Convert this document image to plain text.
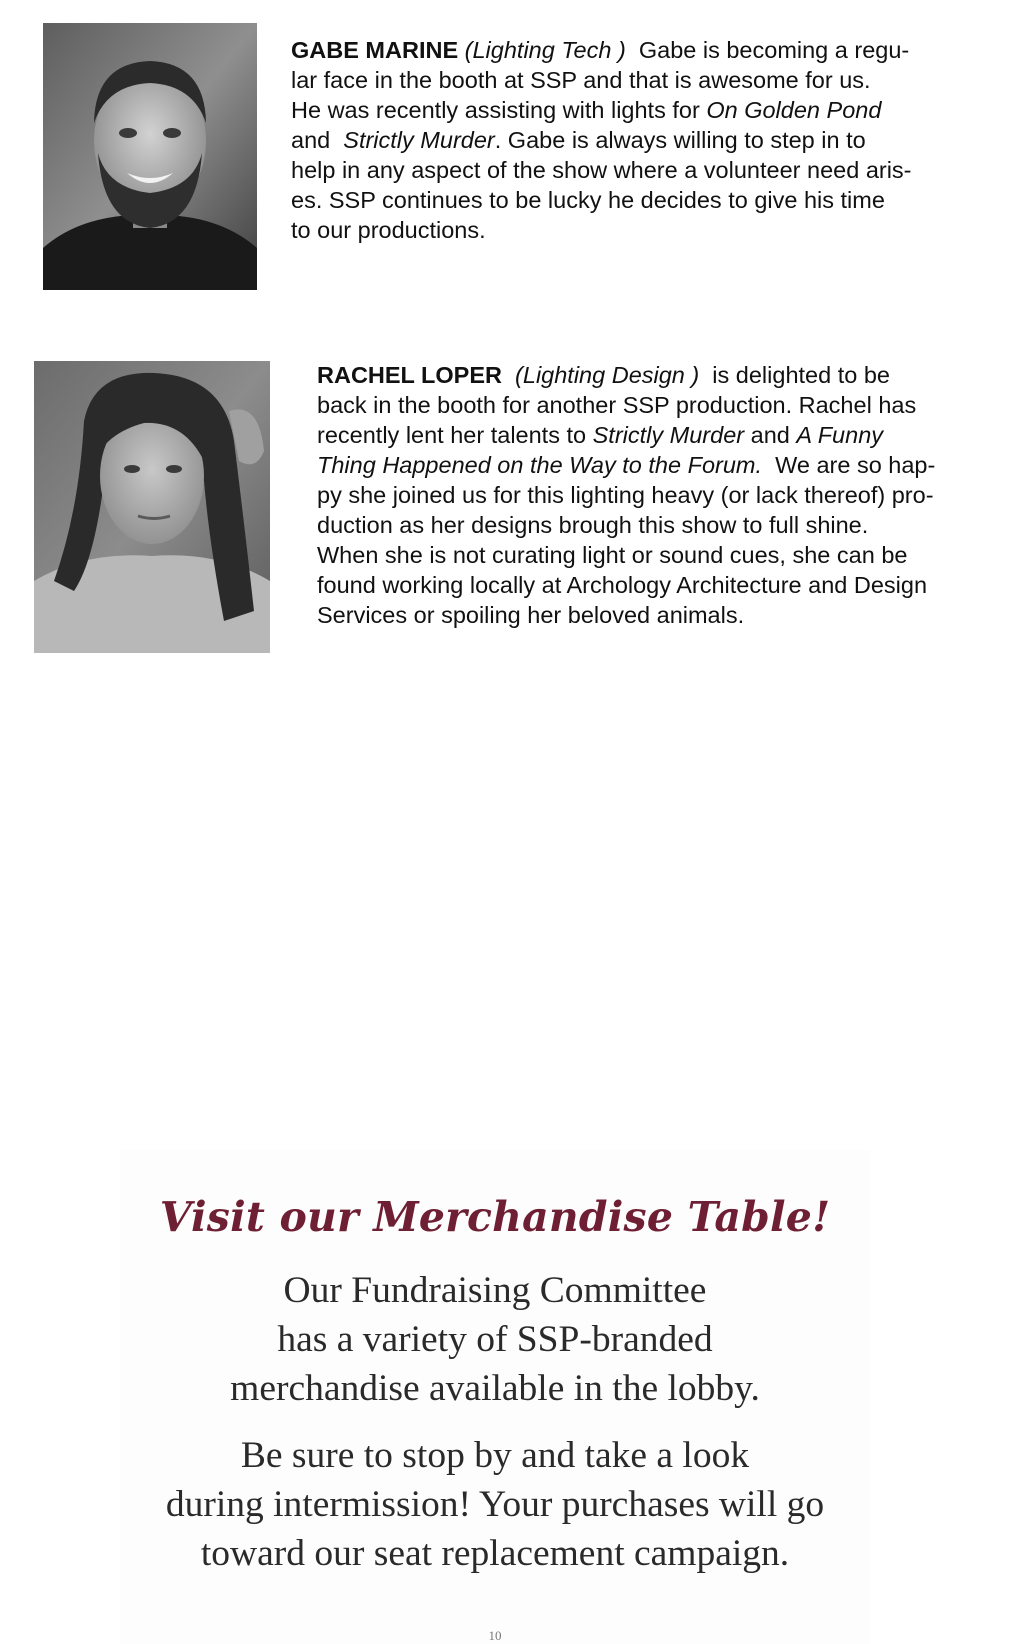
GABE MARINE (Lighting Tech ) Gabe is becoming a regu-
lar face in the booth at SSP and that is awesome for us.
He was recently assisting with lights for On Golden Pond
and Strictly Murder. Gabe is always willing to step in to
help in any aspect of the show where a volunteer need aris-
es. SSP continues to be lucky he decides to give his time
to our productions.
RACHEL LOPER (Lighting Design ) is delighted to be
back in the booth for another SSP production. Rachel has
recently lent her talents to Strictly Murder and A Funny
Thing Happened on the Way to the Forum. We are so hap-
py she joined us for this lighting heavy (or lack thereof) pro-
duction as her designs brough this show to full shine.
When she is not curating light or sound cues, she can be
found working locally at Archology Architecture and Design
Services or spoiling her beloved animals.
Visit our Merchandise Table!
Our Fundraising Committee
has a variety of SSP-branded
merchandise available in the lobby.
Be sure to stop by and take a look
during intermission! Your purchases will go
toward our seat replacement campaign.
10
